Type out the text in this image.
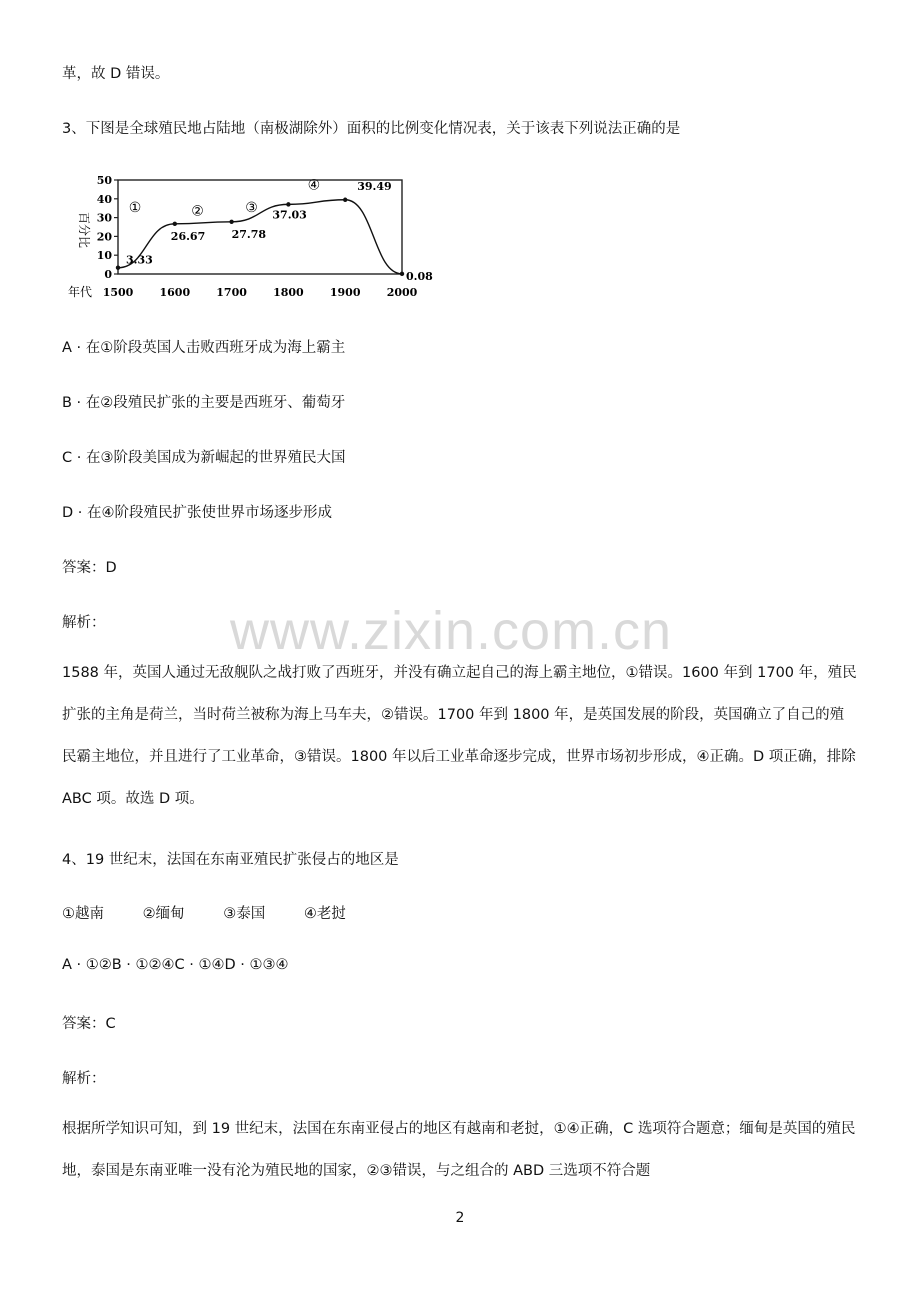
革，故 D 错误。
3、下图是全球殖民地占陆地（南极湖除外）面积的比例变化情况表，关于该表下列说法正确的是
0
10
20
30
40
50
1500 1600 1700 1800 1900 2000
百分比
年代
3.33
26.67 27.78
37.03
39.49
0.08
①	②	③
④
A · 在①阶段英国人击败西班牙成为海上霸主
B · 在②段殖民扩张的主要是西班牙、葡萄牙
C · 在③阶段美国成为新崛起的世界殖民大国
D · 在④阶段殖民扩张使世界市场逐步形成
答案：D
解析： www.zixin.com.cn
1588 年，英国人通过无敌舰队之战打败了西班牙，并没有确立起自己的海上霸主地位，①错误。1600 年到 1700 年，殖民扩张的主角是荷兰，当时荷兰被称为海上马车夫，②错误。1700 年到 1800 年，是英国发展的阶段，英国确立了自己的殖民霸主地位，并且进行了工业革命，③错误。1800 年以后工业革命逐步完成，世界市场初步形成，④正确。D 项正确，排除 ABC 项。故选 D 项。
4、19 世纪末，法国在东南亚殖民扩张侵占的地区是
①越南	②缅甸	③泰国	④老挝
A · ①②B · ①②④C · ①④D · ①③④
答案：C
解析：
根据所学知识可知，到 19 世纪末，法国在东南亚侵占的地区有越南和老挝，①④正确，C 选项符合题意；缅甸是英国的殖民地，泰国是东南亚唯一没有沦为殖民地的国家，②③错误，与之组合的 ABD 三选项不符合题
2
